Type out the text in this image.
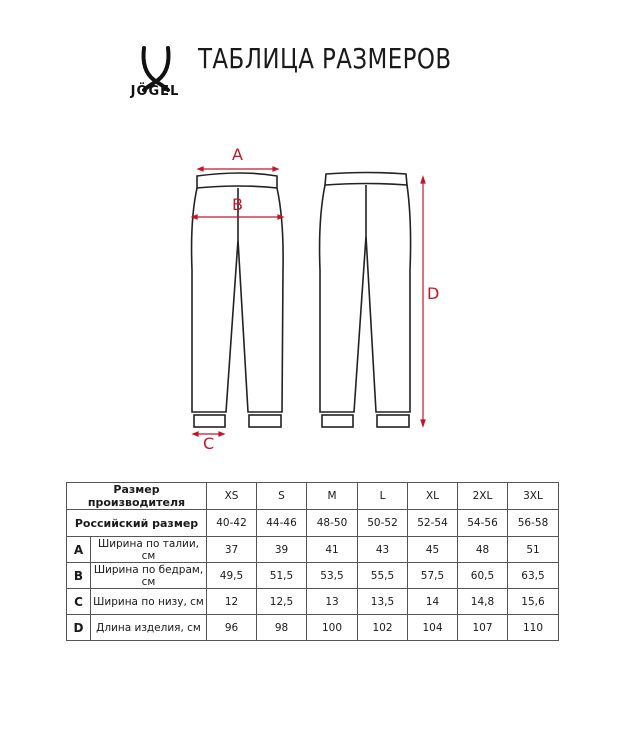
JÖGEL
ТАБЛИЦА РАЗМЕРОВ
A
B
C
D
Размер производителя		XS	S	M	L	XL	2XL	3XL
Российский размер		40-42	44-46	48-50	50-52	52-54	54-56	56-58
A	Ширина по талии, см	37	39	41	43	45	48	51
B	Ширина по бедрам, см	49,5	51,5	53,5	55,5	57,5	60,5	63,5
C	Ширина по низу, см	12	12,5	13	13,5	14	14,8	15,6
D	Длина изделия, см	96	98	100	102	104	107	110
